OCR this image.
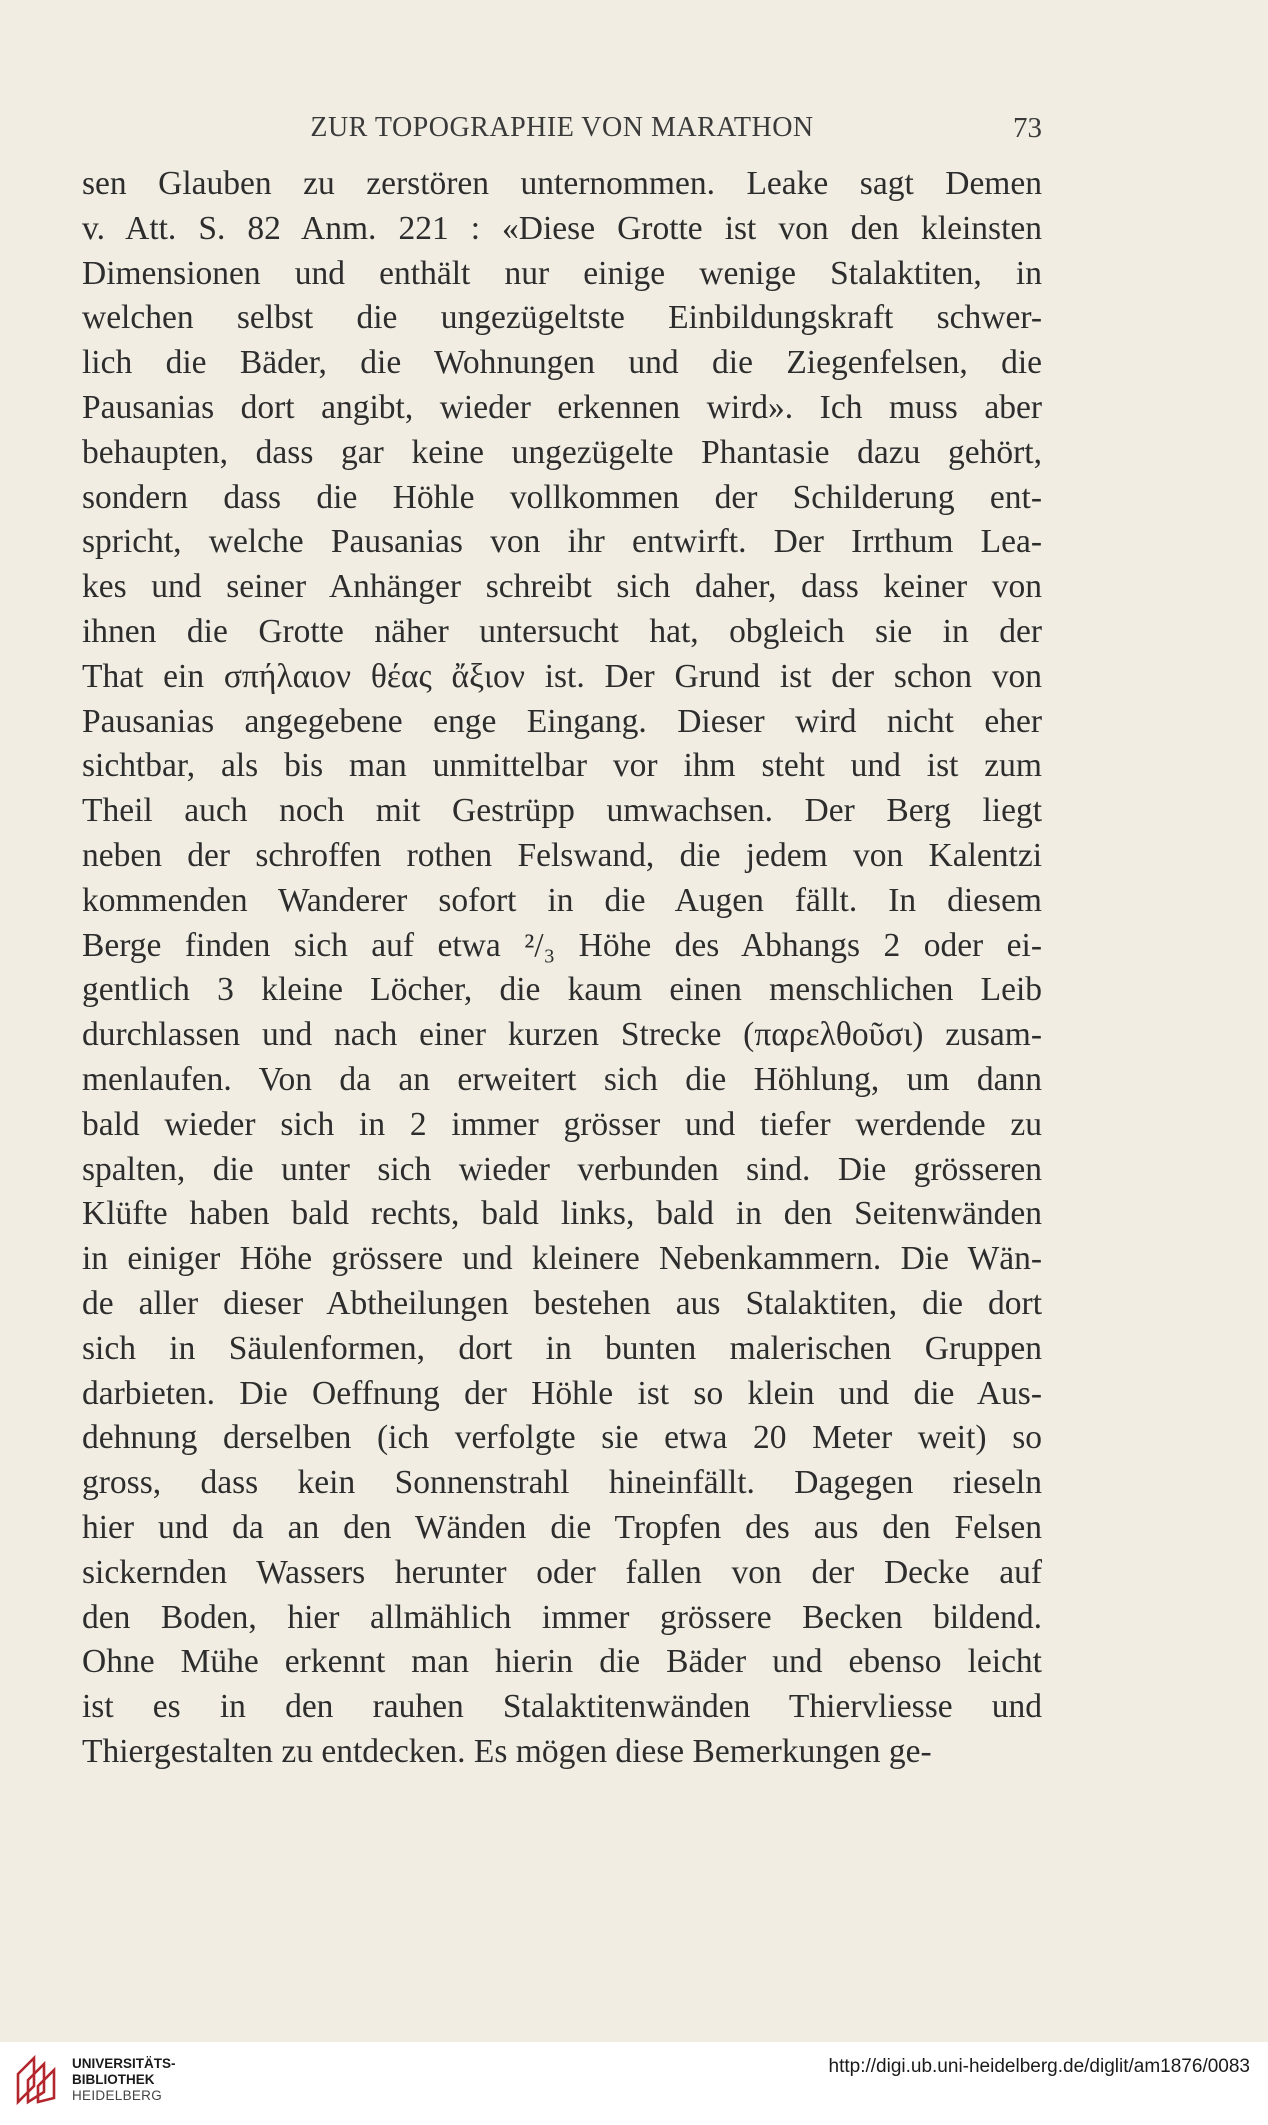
ZUR TOPOGRAPHIE VON MARATHON	73
sen Glauben zu zerstören unternommen. Leake sagt Demen
v. Att. S. 82 Anm. 221 : «Diese Grotte ist von den kleinsten
Dimensionen und enthält nur einige wenige Stalaktiten, in
welchen selbst die ungezügeltste Einbildungskraft schwer-
lich die Bäder, die Wohnungen und die Ziegenfelsen, die
Pausanias dort angibt, wieder erkennen wird». Ich muss aber
behaupten, dass gar keine ungezügelte Phantasie dazu gehört,
sondern dass die Höhle vollkommen der Schilderung ent-
spricht, welche Pausanias von ihr entwirft. Der Irrthum Lea-
kes und seiner Anhänger schreibt sich daher, dass keiner von
ihnen die Grotte näher untersucht hat, obgleich sie in der
That ein σπήλαιον θέας ἄξιον ist. Der Grund ist der schon von
Pausanias angegebene enge Eingang. Dieser wird nicht eher
sichtbar, als bis man unmittelbar vor ihm steht und ist zum
Theil auch noch mit Gestrüpp umwachsen. Der Berg liegt
neben der schroffen rothen Felswand, die jedem von Kalentzi
kommenden Wanderer sofort in die Augen fällt. In diesem
Berge finden sich auf etwa ²/₃ Höhe des Abhangs 2 oder ei-
gentlich 3 kleine Löcher, die kaum einen menschlichen Leib
durchlassen und nach einer kurzen Strecke (παρελθοῦσι) zusam-
menlaufen. Von da an erweitert sich die Höhlung, um dann
bald wieder sich in 2 immer grösser und tiefer werdende zu
spalten, die unter sich wieder verbunden sind. Die grösseren
Klüfte haben bald rechts, bald links, bald in den Seitenwänden
in einiger Höhe grössere und kleinere Nebenkammern. Die Wän-
de aller dieser Abtheilungen bestehen aus Stalaktiten, die dort
sich in Säulenformen, dort in bunten malerischen Gruppen
darbieten. Die Oeffnung der Höhle ist so klein und die Aus-
dehnung derselben (ich verfolgte sie etwa 20 Meter weit) so
gross, dass kein Sonnenstrahl hineinfällt. Dagegen rieseln
hier und da an den Wänden die Tropfen des aus den Felsen
sickernden Wassers herunter oder fallen von der Decke auf
den Boden, hier allmählich immer grössere Becken bildend.
Ohne Mühe erkennt man hierin die Bäder und ebenso leicht
ist es in den rauhen Stalaktitenwänden Thiervliesse und
Thiergestalten zu entdecken. Es mögen diese Bemerkungen ge-
UNIVERSITÄTS-
BIBLIOTHEK
HEIDELBERG
http://digi.ub.uni-heidelberg.de/diglit/am1876/0083
